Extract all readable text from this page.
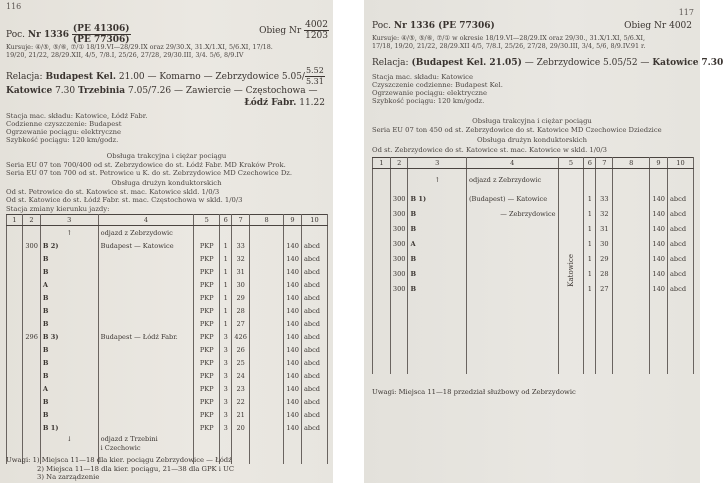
116
Poc. Nr $1336 \frac{(PE 41306)}{(PE 77306)}$	Obieg Nr $\frac{4002}{1203}$
Kursuje: ④/⑤, ⑤/⑥, ⑦/① 18/19.VI—28/29.IX oraz 29/30.X, 31.X/1.XI, 5/6.XI, 17/18.
19/20, 21/22, 28/29.XII, 4/5, 7/8.I, 25/26, 27/28, 29/30.III, 3/4. 5/6, 8/9.IV
Relacja: Budapest Kel. 21.00 — Komarno — Zebrzydowice $5.05/ \frac{5.52}{5.31}$
Katowice 7.30 Trzebinia 7.05/7.26 — Zawiercie — Częstochowa —
Łódź Fabr. 11.22
Stacja mac. składu: Katowice, Łódź Fabr.
Codzienne czyszczenie: Budapest
Ogrzewanie pociągu: elektryczne
Szybkość pociągu: 120 km/godz.
Obsługa trakcyjna i ciężar pociągu
Seria EU 07 ton 700/400 od st. Zebrzydowice do st. Łódź Fabr. MD Kraków Prok.
Seria EU 07 ton 700 od st. Petrowice u K. do st. Zebrzydowice MD Czechowice Dz.
Obsługa drużyn konduktorskich
Od st. Petrowice do st. Katowice st. mac. Katowice skld. 1/0/3
Od st. Katowice do st. Łódź Fabr. st. mac. Częstochowa w skld. 1/0/3
Stacja zmiany kierunku jazdy:
1	2	3	4	5	6	7	8	9	10
		↑	odjazd z Zebrzydowic						
	300	B 2)	Budapest — Katowice	PKP	1	33		140	abcd
		B		PKP	1	32		140	abcd
		B		PKP	1	31		140	abcd
		A		PKP	1	30		140	abcd
		B		PKP	1	29		140	abcd
		B		PKP	1	28		140	abcd
		B		PKP	1	27		140	abcd
	296	B 3)	Budapest — Łódź Fabr.	PKP	3	426		140	abcd
		B		PKP	3	26		140	abcd
		B		PKP	3	25		140	abcd
		B		PKP	3	24		140	abcd
		A		PKP	3	23		140	abcd
		B		PKP	3	22		140	abcd
		B		PKP	3	21		140	abcd
		B 1)		PKP	3	20		140	abcd
		↓	odjazd z Trzebini						
			i Czechowic						

Uwagi: 1) Miejsca 11—18 dla kier. pociągu Zebrzydowice — Łódź
2) Miejsca 11—18 dla kier. pociągu, 21—38 dla GPK i UC
3) Na zarządzenie
117
Poc. Nr 1336 (PE 77306)	Obieg Nr 4002
Kursuje: ④/⑤, ⑤/⑥, ⑦/① w okresie 18/19.VI—28/29.IX oraz 29/30., 31.X/1.XI, 5/6.XI,
17/18, 19/20, 21/22, 28/29.XII 4/5, 7/8.I, 25/26, 27/28, 29/30.III, 3/4, 5/6, 8/9.IV.91 r.
Relacja: (Budapest Kel. 21.05) — Zebrzydowice 5.05/52 — Katowice 7.30
Stacja mac. składu: Katowice
Czyszczenie codzienne: Budapest Kel.
Ogrzewanie pociągu: elektryczne
Szybkość pociągu: 120 km/godz.
Obsługa trakcyjna i ciężar pociągu
Seria EU 07 ton 450 od st. Zebrzydowice do st. Katowice MD Czechowice Dziedzice
Obsługa drużyn konduktorskich
Od st. Zebrzydowice do st. Katowice st. mac. Katowice w skld. 1/0/3
1	2	3	4	5	6	7	8	9	10
		↑	odjazd z Zebrzydowic	Katowice					
	300	B 1)	(Budapest) — Katowice		1	33		140	abcd
	300	B	— Zebrzydowice		1	32		140	abcd
	300	B			1	31		140	abcd
	300	A			1	30		140	abcd
	300	B			1	29		140	abcd
	300	B			1	28		140	abcd
	300	B			1	27		140	abcd

Uwagi: Miejsca 11—18 przedział służbowy od Zebrzydowic
